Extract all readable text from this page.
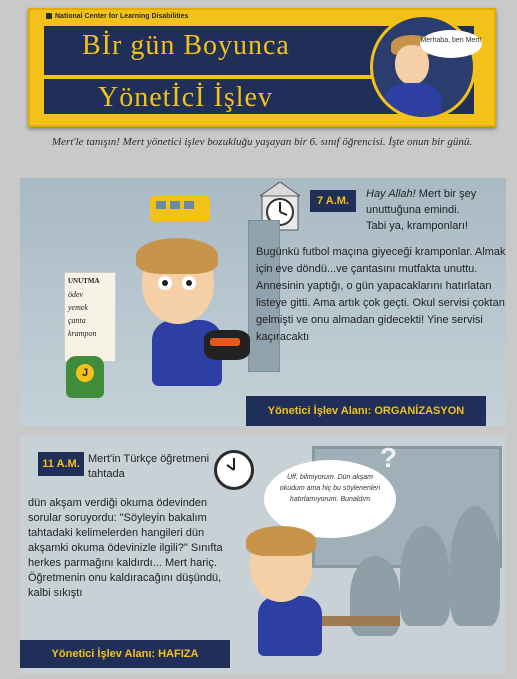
National Center for Learning Disabilities
Bİr gün Boyunca
Yönetİcİ İşlev
Merhaba, ben Mert!
Mert'le tanışın! Mert yönetici işlev bozukluğu yaşayan bir 6. sınıf öğrencisi. İşte onun bir günü.
UNUTMA
ödev
yemek
çanta
krampon
J
7 A.M.
Hay Allah! Mert bir şey unuttuğuna emindi.
Tabi ya, kramponları!
Bugünkü futbol maçına giyeceği kramponlar. Almak için eve döndü...ve çantasını mutfakta unuttu. Annesinin yaptığı, o gün yapacaklarını hatırlatan listeye gitti. Ama artık çok geçti. Okul servisi çoktan gelmişti ve onu almadan gidecekti! Yine servisi kaçıracaktı
Yönetici İşlev Alanı: ORGANİZASYON
?
Uff, bilmiyorum. Dün akşam okudum ama hiç bu söylenenleri hatırlamıyorum. Bunaldım
11 A.M. Mert'in Türkçe öğretmeni tahtada
dün akşam verdiği okuma ödevinden sorular soruyordu: "Söyleyin bakalım tahtadaki kelimelerden hangileri dün akşamki okuma ödevinizle ilgili?" Sınıfta herkes parmağını kaldırdı... Mert hariç. Öğretmenin onu kaldıracağını düşündü, kalbi sıkıştı
Yönetici İşlev Alanı: HAFIZA
